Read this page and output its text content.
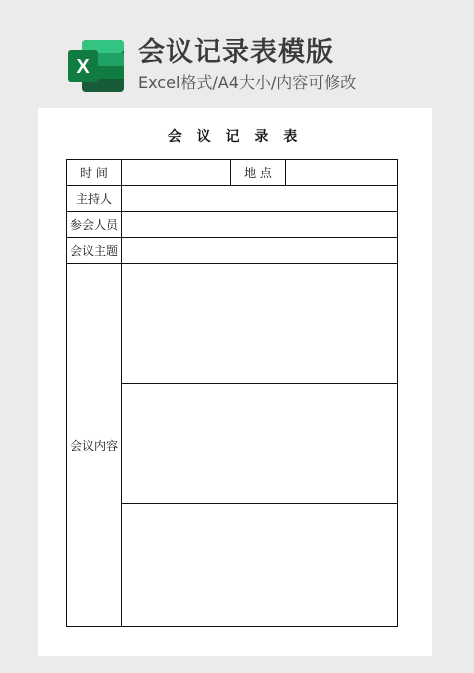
X 会议记录表模版
Excel格式/A4大小/内容可修改
会 议 记 录 表
时 间		地 点	
主持人			
参会人员			
会议主题			
会议内容			
